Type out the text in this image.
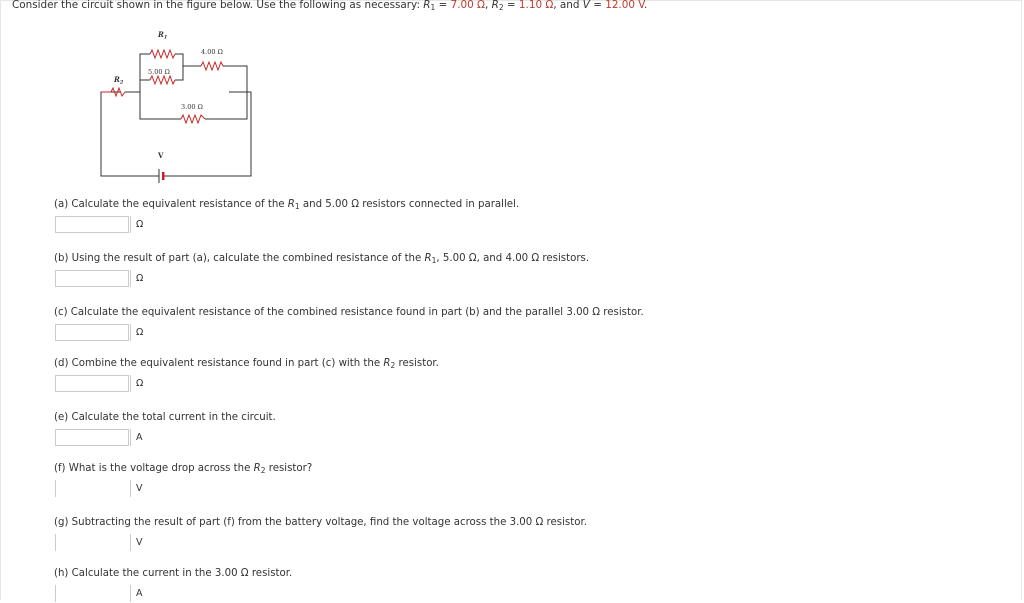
Consider the circuit shown in the figure below. Use the following as necessary: $R_1 = 7.00$ Ω, $R_2 = 1.10$ Ω, and V = 12.00 V.
$R_1$
4.00 Ω
5.00 Ω
$R_2$
3.00 Ω
V
(a) Calculate the equivalent resistance of the $R_1$ and 5.00 Ω resistors connected in parallel.
Ω
(b) Using the result of part (a), calculate the combined resistance of the $R_1$, 5.00 Ω, and 4.00 Ω resistors.
Ω
(c) Calculate the equivalent resistance of the combined resistance found in part (b) and the parallel 3.00 Ω resistor.
Ω
(d) Combine the equivalent resistance found in part (c) with the $R_2$ resistor.
Ω
(e) Calculate the total current in the circuit.
A
(f) What is the voltage drop across the $R_2$ resistor?
V
(g) Subtracting the result of part (f) from the battery voltage, find the voltage across the 3.00 Ω resistor.
V
(h) Calculate the current in the 3.00 Ω resistor.
A
